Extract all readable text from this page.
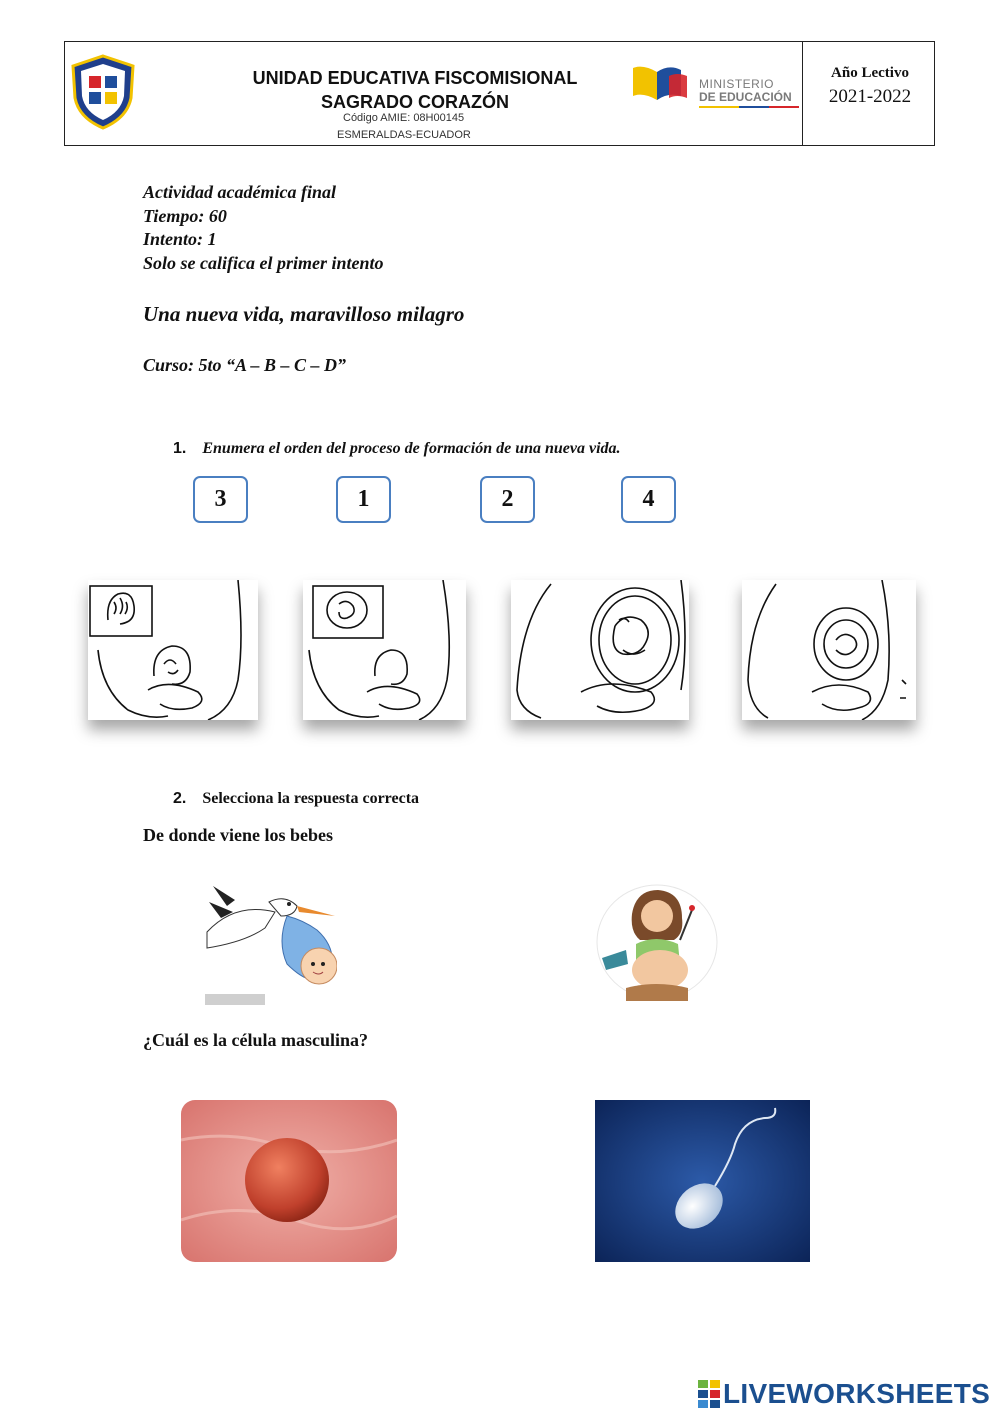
UNIDAD EDUCATIVA FISCOMISIONAL
SAGRADO CORAZÓN
Código AMIE: 08H00145
ESMERALDAS-ECUADOR
MINISTERIO
DE EDUCACIÓN
Año Lectivo
2021-2022
Actividad académica final
Tiempo: 60
Intento: 1
Solo se califica el primer intento
Una nueva vida, maravilloso milagro
Curso: 5to “A – B – C – D”
1. Enumera el orden del proceso de formación de una nueva vida.
3	1	2	4
2. Selecciona la respuesta correcta
De donde viene los bebes
¿Cuál es la célula masculina?
LIVEWORKSHEETS
